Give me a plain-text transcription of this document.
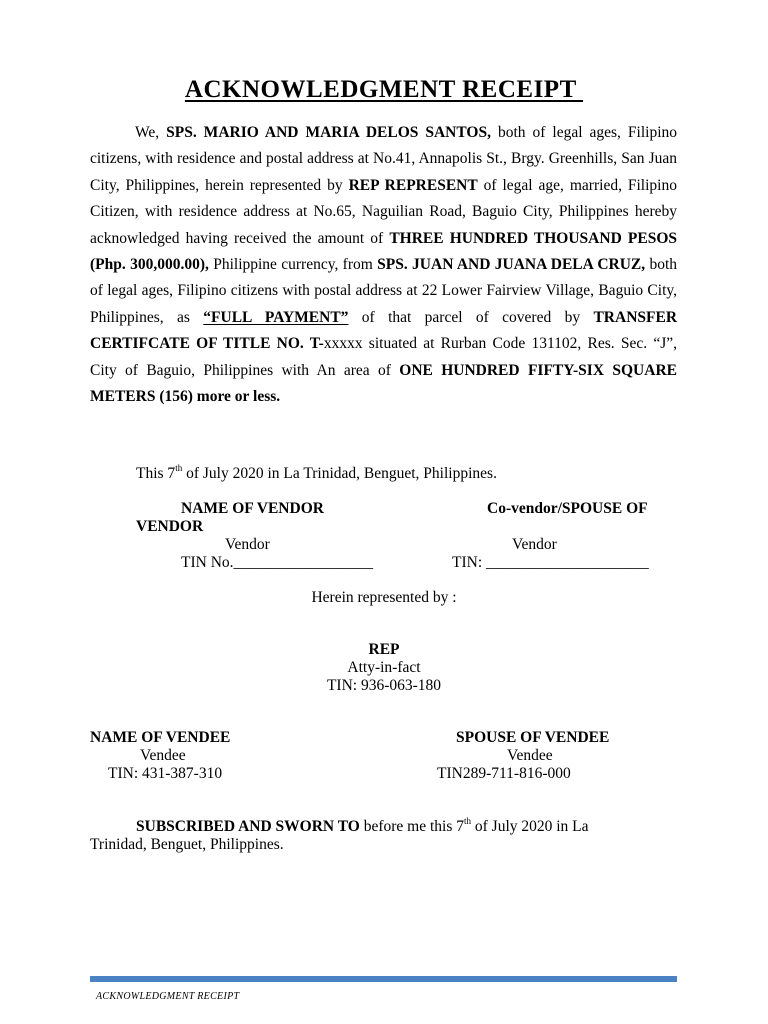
ACKNOWLEDGMENT RECEIPT
We, SPS. MARIO AND MARIA DELOS SANTOS, both of legal ages, Filipino citizens, with residence and postal address at No.41, Annapolis St., Brgy. Greenhills, San Juan City, Philippines, herein represented by REP REPRESENT of legal age, married, Filipino Citizen, with residence address at No.65, Naguilian Road, Baguio City, Philippines hereby acknowledged having received the amount of THREE HUNDRED THOUSAND PESOS (Php. 300,000.00), Philippine currency, from SPS. JUAN AND JUANA DELA CRUZ, both of legal ages, Filipino citizens with postal address at 22 Lower Fairview Village, Baguio City, Philippines, as “FULL PAYMENT” of that parcel of covered by TRANSFER CERTIFCATE OF TITLE NO. T-xxxxx situated at Rurban Code 131102, Res. Sec. “J”, City of Baguio, Philippines with An area of ONE HUNDRED FIFTY-SIX SQUARE METERS (156) more or less.
This 7th of July 2020 in La Trinidad, Benguet, Philippines.
NAME OF VENDOR	Co-vendor/SPOUSE OF
VENDOR
Vendor	Vendor
TIN No.__________________	TIN: _____________________
Herein represented by :
REP
Atty-in-fact
TIN: 936-063-180
NAME OF VENDEE	SPOUSE OF VENDEE
Vendee	Vendee
TIN: 431-387-310	TIN289-711-816-000
SUBSCRIBED AND SWORN TO before me this 7th of July 2020 in La
Trinidad, Benguet, Philippines.
ACKNOWLEDGMENT RECEIPT
